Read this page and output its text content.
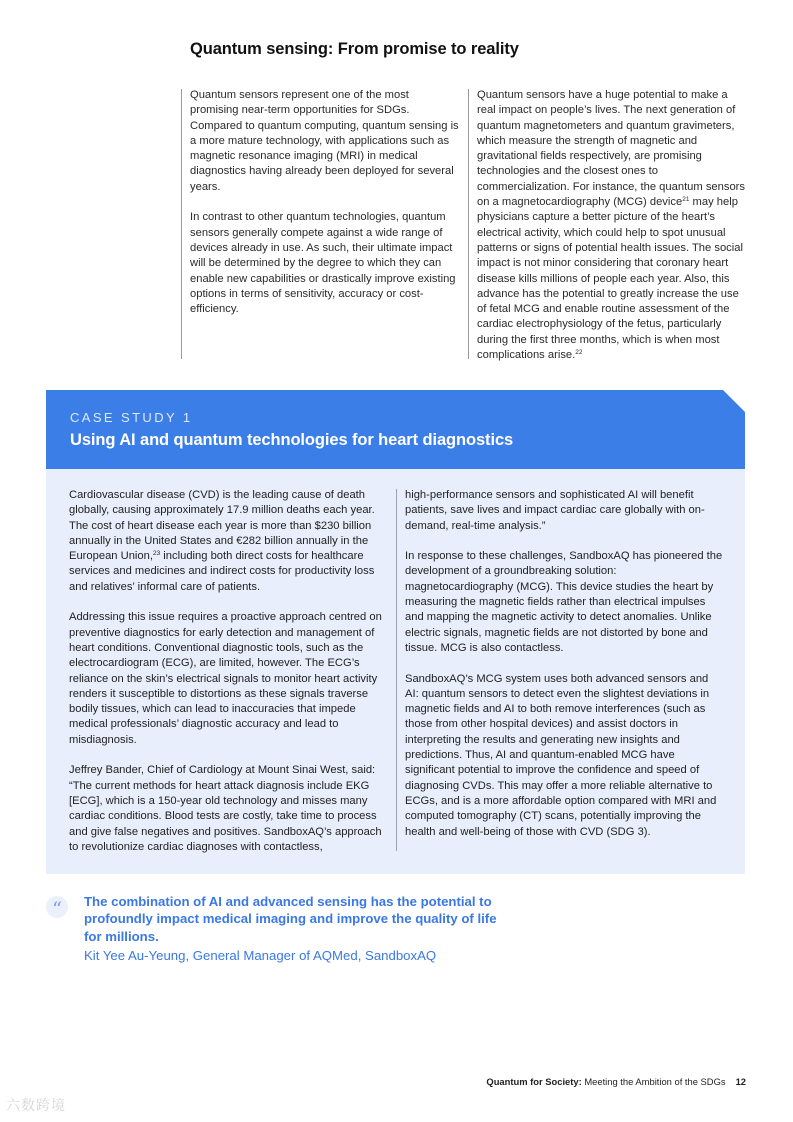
Quantum sensing: From promise to reality

Quantum sensors represent one of the most promising near-term opportunities for SDGs. Compared to quantum computing, quantum sensing is a more mature technology, with applications such as magnetic resonance imaging (MRI) in medical diagnostics having already been deployed for several years.

In contrast to other quantum technologies, quantum sensors generally compete against a wide range of devices already in use. As such, their ultimate impact will be determined by the degree to which they can enable new capabilities or drastically improve existing options in terms of sensitivity, accuracy or cost-efficiency.

Quantum sensors have a huge potential to make a real impact on people’s lives. The next generation of quantum magnetometers and quantum gravimeters, which measure the strength of magnetic and gravitational fields respectively, are promising technologies and the closest ones to commercialization. For instance, the quantum sensors on a magnetocardiography (MCG) device$^{21}$ may help physicians capture a better picture of the heart’s electrical activity, which could help to spot unusual patterns or signs of potential health issues. The social impact is not minor considering that coronary heart disease kills millions of people each year. Also, this advance has the potential to greatly increase the use of fetal MCG and enable routine assessment of the cardiac electrophysiology of the fetus, particularly during the first three months, which is when most complications arise.$^{22}$

CASE STUDY 1
Using AI and quantum technologies for heart diagnostics

Cardiovascular disease (CVD) is the leading cause of death globally, causing approximately 17.9 million deaths each year. The cost of heart disease each year is more than $230 billion annually in the United States and €282 billion annually in the European Union,$^{23}$ including both direct costs for healthcare services and medicines and indirect costs for productivity loss and relatives’ informal care of patients.

Addressing this issue requires a proactive approach centred on preventive diagnostics for early detection and management of heart conditions. Conventional diagnostic tools, such as the electrocardiogram (ECG), are limited, however. The ECG’s reliance on the skin’s electrical signals to monitor heart activity renders it susceptible to distortions as these signals traverse bodily tissues, which can lead to inaccuracies that impede medical professionals’ diagnostic accuracy and lead to misdiagnosis.

Jeffrey Bander, Chief of Cardiology at Mount Sinai West, said: “The current methods for heart attack diagnosis include EKG [ECG], which is a 150-year old technology and misses many cardiac conditions. Blood tests are costly, take time to process and give false negatives and positives. SandboxAQ’s approach to revolutionize cardiac diagnoses with contactless,

high-performance sensors and sophisticated AI will benefit patients, save lives and impact cardiac care globally with on-demand, real-time analysis.”

In response to these challenges, SandboxAQ has pioneered the development of a groundbreaking solution: magnetocardiography (MCG). This device studies the heart by measuring the magnetic fields rather than electrical impulses and mapping the magnetic activity to detect anomalies. Unlike electric signals, magnetic fields are not distorted by bone and tissue. MCG is also contactless.

SandboxAQ’s MCG system uses both advanced sensors and AI: quantum sensors to detect even the slightest deviations in magnetic fields and AI to both remove interferences (such as those from other hospital devices) and assist doctors in interpreting the results and generating new insights and predictions. Thus, AI and quantum-enabled MCG have significant potential to improve the confidence and speed of diagnosing CVDs. This may offer a more reliable alternative to ECGs, and is a more affordable option compared with MRI and computed tomography (CT) scans, potentially improving the health and well-being of those with CVD (SDG 3).

“ The combination of AI and advanced sensing has the potential to profoundly impact medical imaging and improve the quality of life for millions.
Kit Yee Au-Yeung, General Manager of AQMed, SandboxAQ
Quantum for Society: Meeting the Ambition of the SDGs 12
六数跨境
